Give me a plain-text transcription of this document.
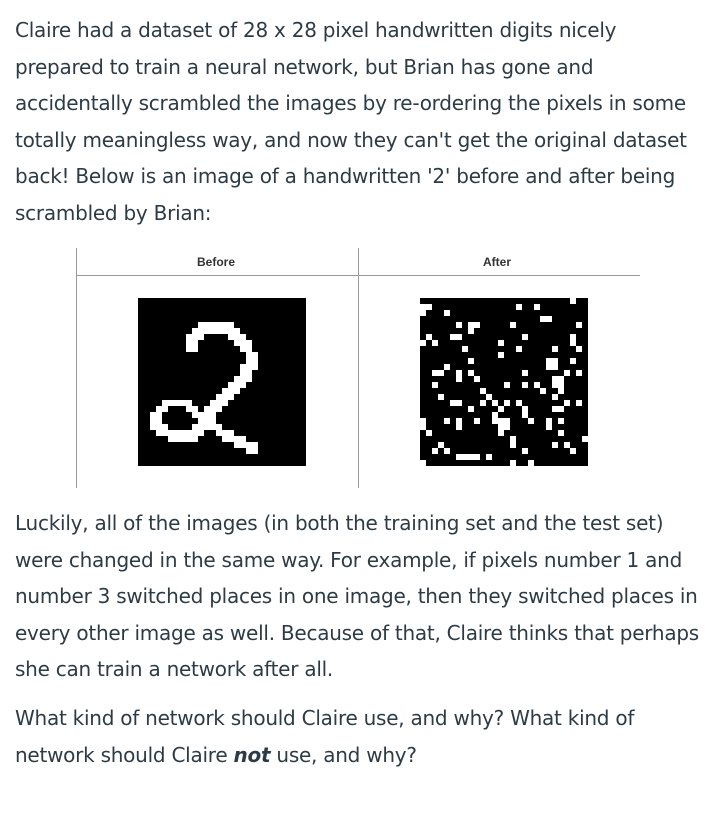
Claire had a dataset of 28 x 28 pixel handwritten digits nicely prepared to train a neural network, but Brian has gone and accidentally scrambled the images by re-ordering the pixels in some totally meaningless way, and now they can't get the original dataset back! Below is an image of a handwritten '2' before and after being scrambled by Brian:

Before	After

Luckily, all of the images (in both the training set and the test set) were changed in the same way. For example, if pixels number 1 and number 3 switched places in one image, then they switched places in every other image as well. Because of that, Claire thinks that perhaps she can train a network after all.

What kind of network should Claire use, and why? What kind of network should Claire not use, and why?
